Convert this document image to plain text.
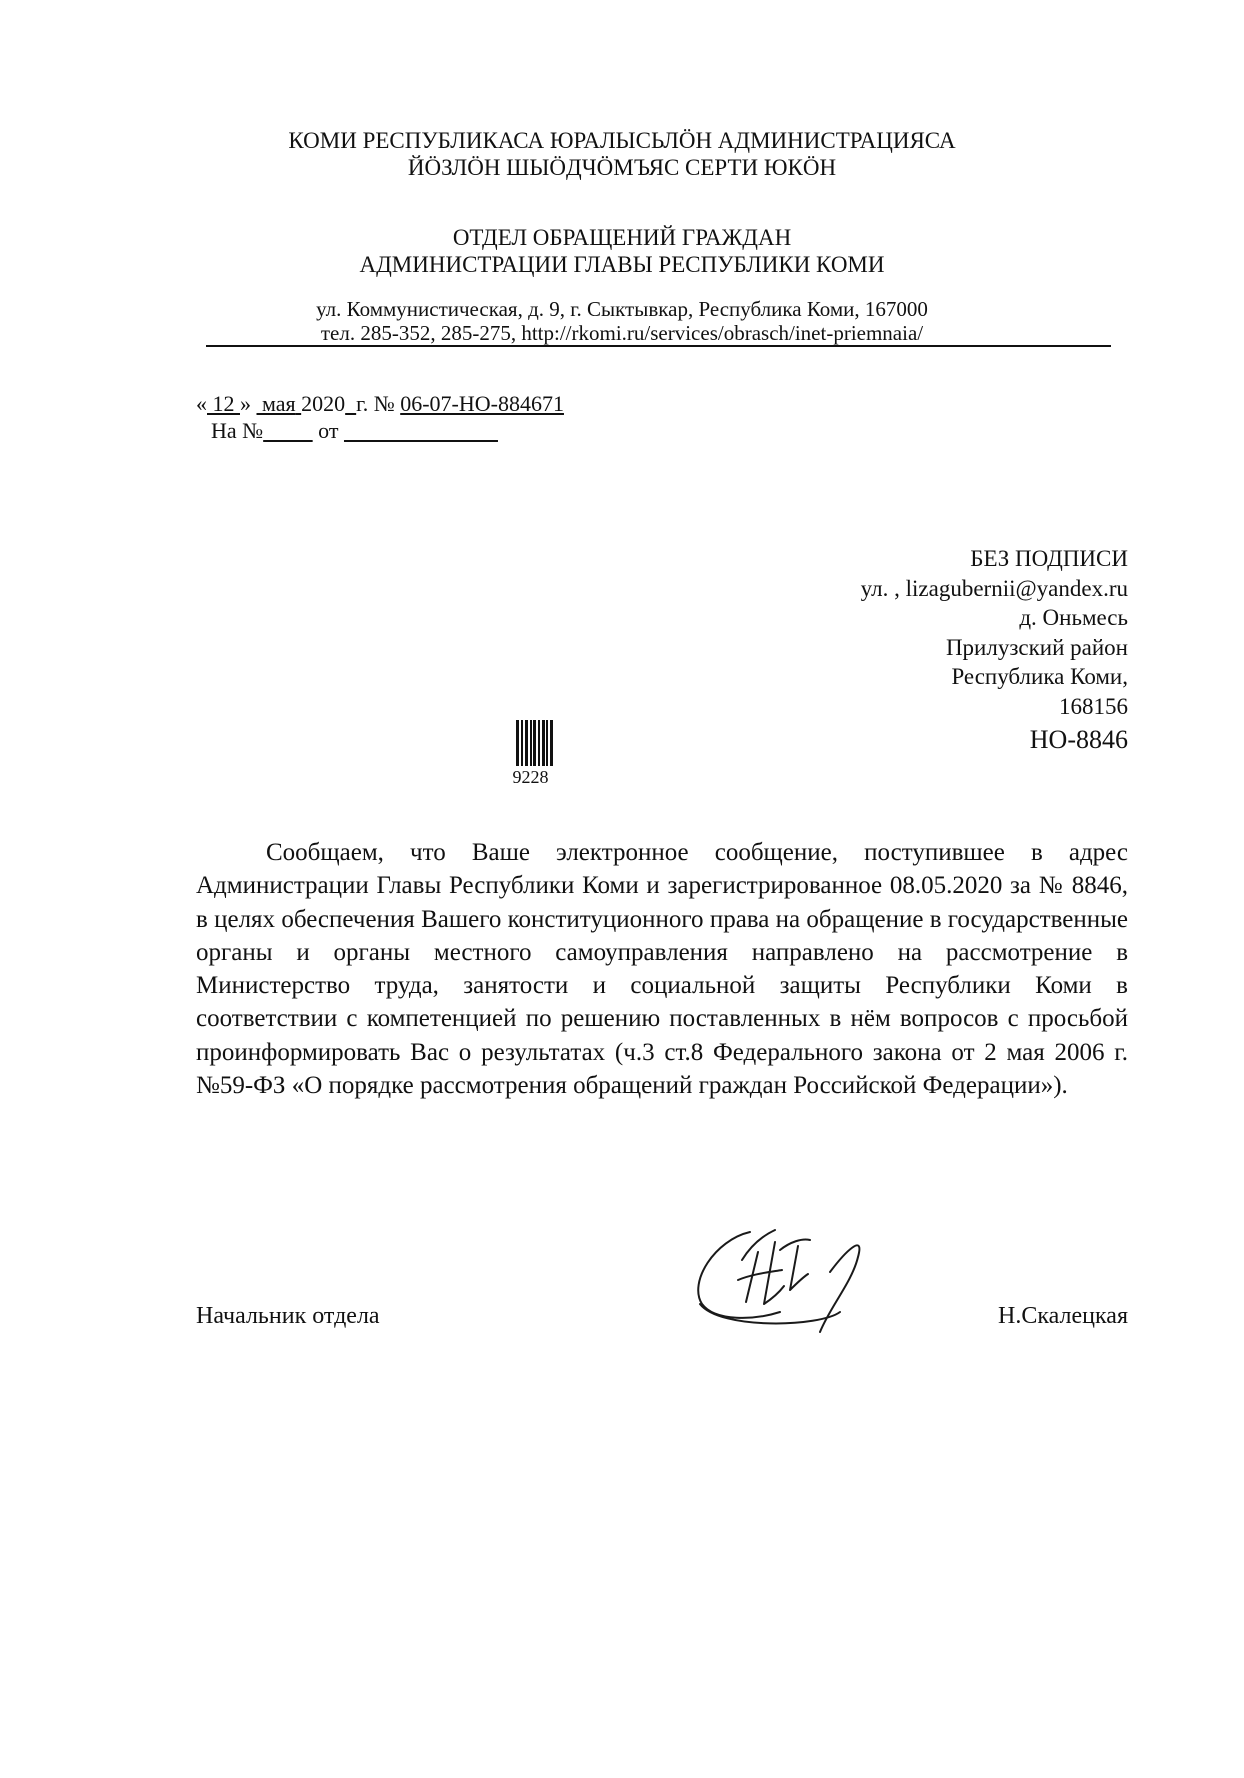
КОМИ РЕСПУБЛИКАСА ЮРАЛЫСЬЛÖН АДМИНИСТРАЦИЯСА
ЙÖЗЛÖН ШЫÖДЧÖМЪЯС СЕРТИ ЮКÖН
ОТДЕЛ ОБРАЩЕНИЙ ГРАЖДАН
АДМИНИСТРАЦИИ ГЛАВЫ РЕСПУБЛИКИ КОМИ
ул. Коммунистическая, д. 9, г. Сыктывкар, Республика Коми, 167000
тел. 285-352, 285-275, http://rkomi.ru/services/obrasch/inet-priemnaia/
« 12 » мая 2020 г. № 06-07-НО-884671
На №	от
БЕЗ ПОДПИСИ
ул. , lizagubernii@yandex.ru
д. Оньмесь
Прилузский район
Республика Коми,
168156
НО-8846
9228
Сообщаем, что Ваше электронное сообщение, поступившее в адрес Администрации Главы Республики Коми и зарегистрированное 08.05.2020 за № 8846, в целях обеспечения Вашего конституционного права на обращение в государственные органы и органы местного самоуправления направлено на рассмотрение в Министерство труда, занятости и социальной защиты Республики Коми в соответствии с компетенцией по решению поставленных в нём вопросов с просьбой проинформировать Вас о результатах (ч.3 ст.8 Федерального закона от 2 мая 2006 г. №59-ФЗ «О порядке рассмотрения обращений граждан Российской Федерации»).
Начальник отдела	Н.Скалецкая
